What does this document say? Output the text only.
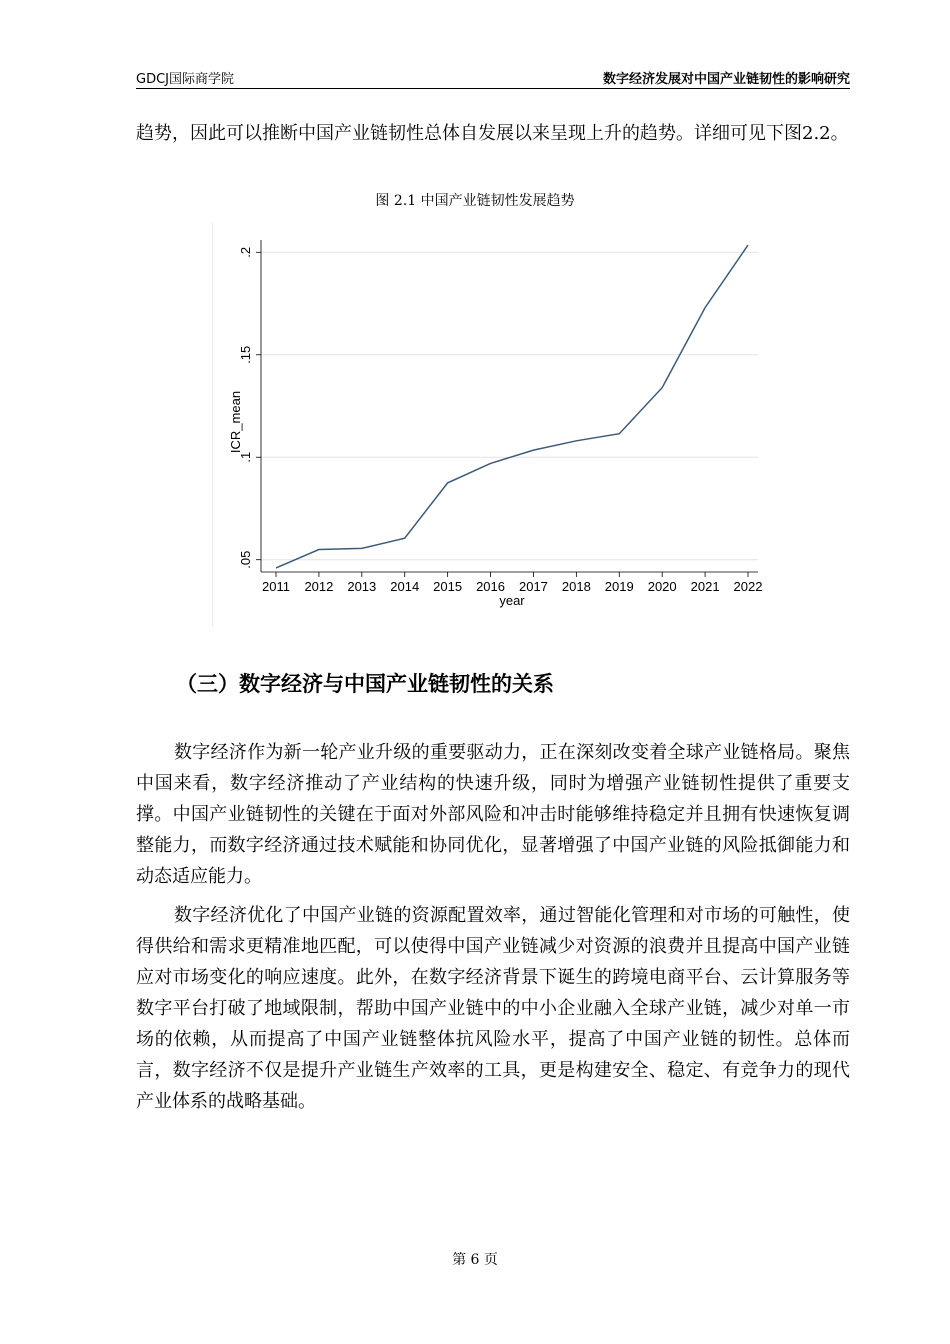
GDCJ国际商学院	数字经济发展对中国产业链韧性的影响研究

趋势，因此可以推断中国产业链韧性总体自发展以来呈现上升的趋势。详细可见下图2.2。

图 2.1 中国产业链韧性发展趋势
.05
.1
.15
.2
2011 2012 2013 2014 2015 2016 2017 2018 2019 2020 2021 2022
ICR_mean
year
（三）数字经济与中国产业链韧性的关系

数字经济作为新一轮产业升级的重要驱动力，正在深刻改变着全球产业链格局。聚焦中国来看，数字经济推动了产业结构的快速升级，同时为增强产业链韧性提供了重要支撑。中国产业链韧性的关键在于面对外部风险和冲击时能够维持稳定并且拥有快速恢复调整能力，而数字经济通过技术赋能和协同优化，显著增强了中国产业链的风险抵御能力和动态适应能力。

数字经济优化了中国产业链的资源配置效率，通过智能化管理和对市场的可触性，使得供给和需求更精准地匹配，可以使得中国产业链减少对资源的浪费并且提高中国产业链应对市场变化的响应速度。此外，在数字经济背景下诞生的跨境电商平台、云计算服务等数字平台打破了地域限制，帮助中国产业链中的中小企业融入全球产业链，减少对单一市场的依赖，从而提高了中国产业链整体抗风险水平，提高了中国产业链的韧性。总体而言，数字经济不仅是提升产业链生产效率的工具，更是构建安全、稳定、有竞争力的现代产业体系的战略基础。

第 6 页
